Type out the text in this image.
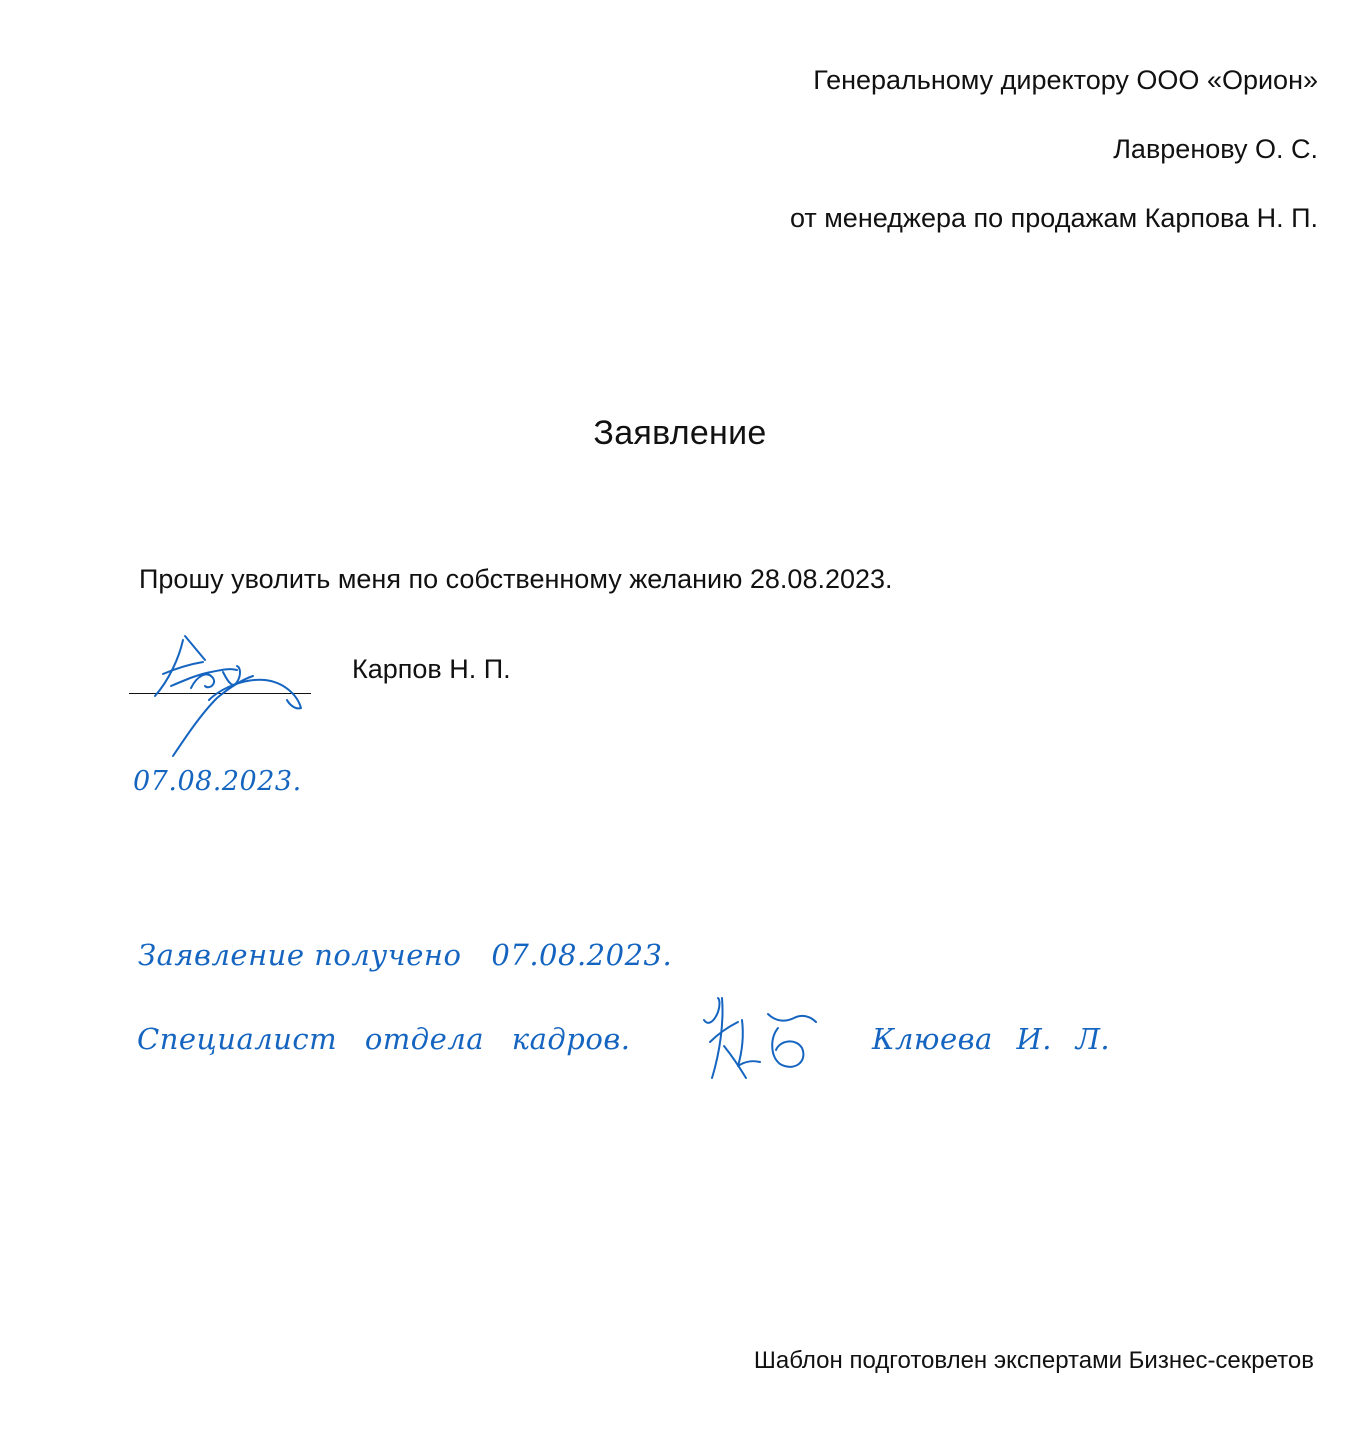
Генеральному директору ООО «Орион»
Лавренову О. С.
от менеджера по продажам Карпова Н. П.
Заявление
Прошу уволить меня по собственному желанию 28.08.2023.
Карпов Н. П.
07.08.2023.
Заявление получено 07.08.2023.
Специалист отдела кадров.	Клюева И. Л.
Шаблон подготовлен экспертами Бизнес-секретов
